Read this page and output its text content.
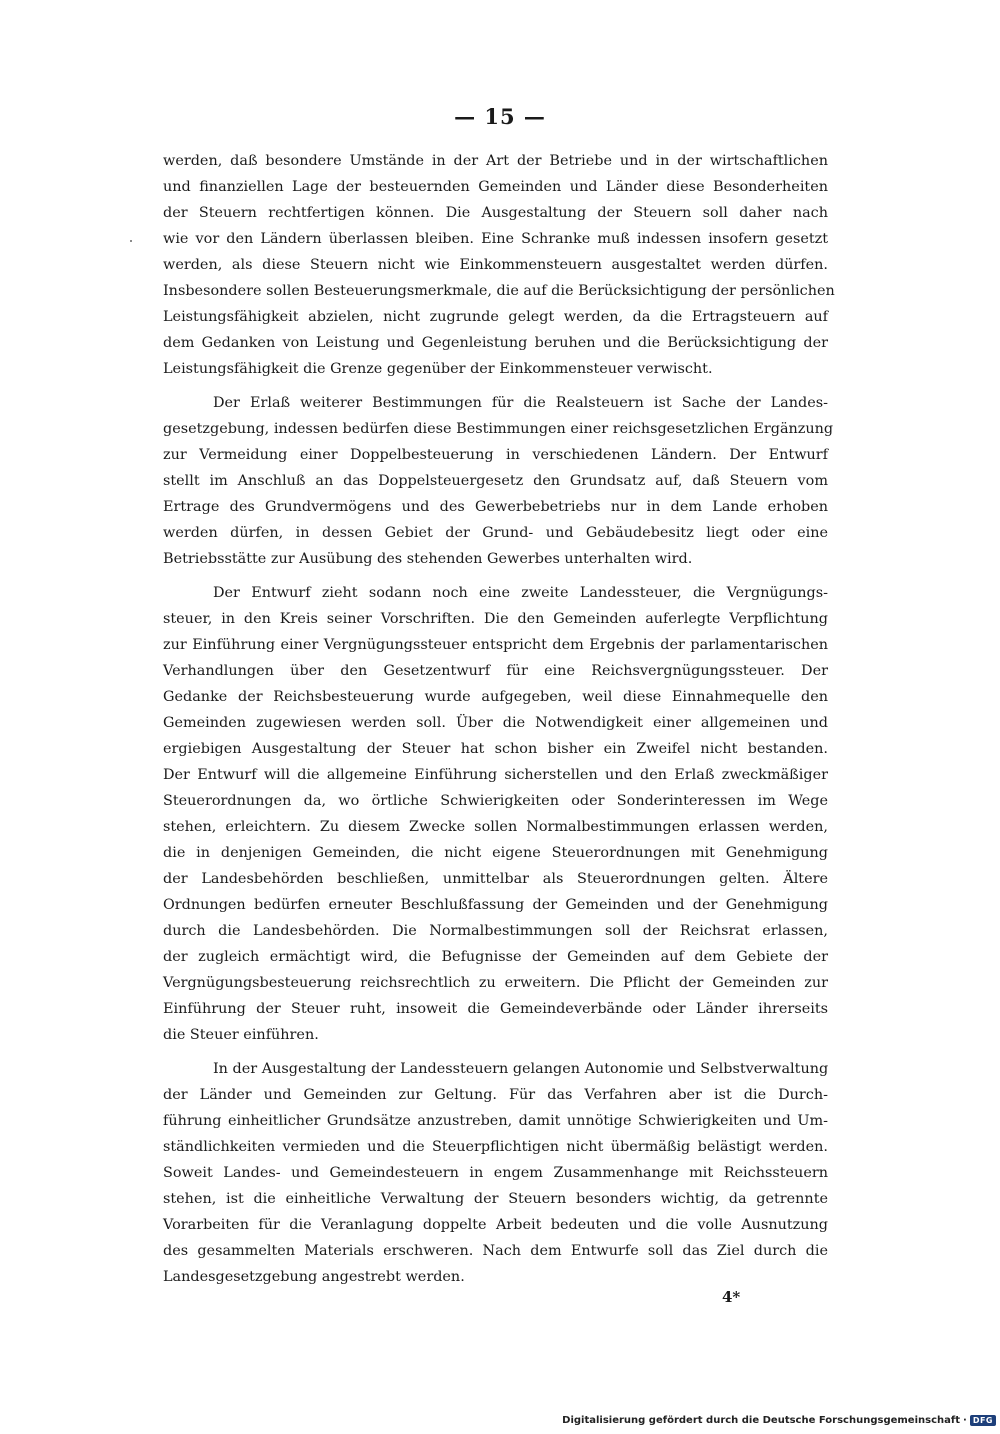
— 15 —
werden, daß besondere Umstände in der Art der Betriebe und in der wirtschaftlichen
und finanziellen Lage der besteuernden Gemeinden und Länder diese Besonderheiten
der Steuern rechtfertigen können. Die Ausgestaltung der Steuern soll daher nach
wie vor den Ländern überlassen bleiben. Eine Schranke muß indessen insofern gesetzt
werden, als diese Steuern nicht wie Einkommensteuern ausgestaltet werden dürfen.
Insbesondere sollen Besteuerungsmerkmale, die auf die Berücksichtigung der persönlichen
Leistungsfähigkeit abzielen, nicht zugrunde gelegt werden, da die Ertragsteuern auf
dem Gedanken von Leistung und Gegenleistung beruhen und die Berücksichtigung der
Leistungsfähigkeit die Grenze gegenüber der Einkommensteuer verwischt.
Der Erlaß weiterer Bestimmungen für die Realsteuern ist Sache der Landes-
gesetzgebung, indessen bedürfen diese Bestimmungen einer reichsgesetzlichen Ergänzung
zur Vermeidung einer Doppelbesteuerung in verschiedenen Ländern. Der Entwurf
stellt im Anschluß an das Doppelsteuergesetz den Grundsatz auf, daß Steuern vom
Ertrage des Grundvermögens und des Gewerbebetriebs nur in dem Lande erhoben
werden dürfen, in dessen Gebiet der Grund- und Gebäudebesitz liegt oder eine
Betriebsstätte zur Ausübung des stehenden Gewerbes unterhalten wird.
Der Entwurf zieht sodann noch eine zweite Landessteuer, die Vergnügungs-
steuer, in den Kreis seiner Vorschriften. Die den Gemeinden auferlegte Verpflichtung
zur Einführung einer Vergnügungssteuer entspricht dem Ergebnis der parlamentarischen
Verhandlungen über den Gesetzentwurf für eine Reichsvergnügungssteuer. Der
Gedanke der Reichsbesteuerung wurde aufgegeben, weil diese Einnahmequelle den
Gemeinden zugewiesen werden soll. Über die Notwendigkeit einer allgemeinen und
ergiebigen Ausgestaltung der Steuer hat schon bisher ein Zweifel nicht bestanden.
Der Entwurf will die allgemeine Einführung sicherstellen und den Erlaß zweckmäßiger
Steuerordnungen da, wo örtliche Schwierigkeiten oder Sonderinteressen im Wege
stehen, erleichtern. Zu diesem Zwecke sollen Normalbestimmungen erlassen werden,
die in denjenigen Gemeinden, die nicht eigene Steuerordnungen mit Genehmigung
der Landesbehörden beschließen, unmittelbar als Steuerordnungen gelten. Ältere
Ordnungen bedürfen erneuter Beschlußfassung der Gemeinden und der Genehmigung
durch die Landesbehörden. Die Normalbestimmungen soll der Reichsrat erlassen,
der zugleich ermächtigt wird, die Befugnisse der Gemeinden auf dem Gebiete der
Vergnügungsbesteuerung reichsrechtlich zu erweitern. Die Pflicht der Gemeinden zur
Einführung der Steuer ruht, insoweit die Gemeindeverbände oder Länder ihrerseits
die Steuer einführen.
In der Ausgestaltung der Landessteuern gelangen Autonomie und Selbstverwaltung
der Länder und Gemeinden zur Geltung. Für das Verfahren aber ist die Durch-
führung einheitlicher Grundsätze anzustreben, damit unnötige Schwierigkeiten und Um-
ständlichkeiten vermieden und die Steuerpflichtigen nicht übermäßig belästigt werden.
Soweit Landes- und Gemeindesteuern in engem Zusammenhange mit Reichssteuern
stehen, ist die einheitliche Verwaltung der Steuern besonders wichtig, da getrennte
Vorarbeiten für die Veranlagung doppelte Arbeit bedeuten und die volle Ausnutzung
des gesammelten Materials erschweren. Nach dem Entwurfe soll das Ziel durch die
Landesgesetzgebung angestrebt werden.
4*
Digitalisierung gefördert durch die Deutsche Forschungsgemeinschaft · DFG
